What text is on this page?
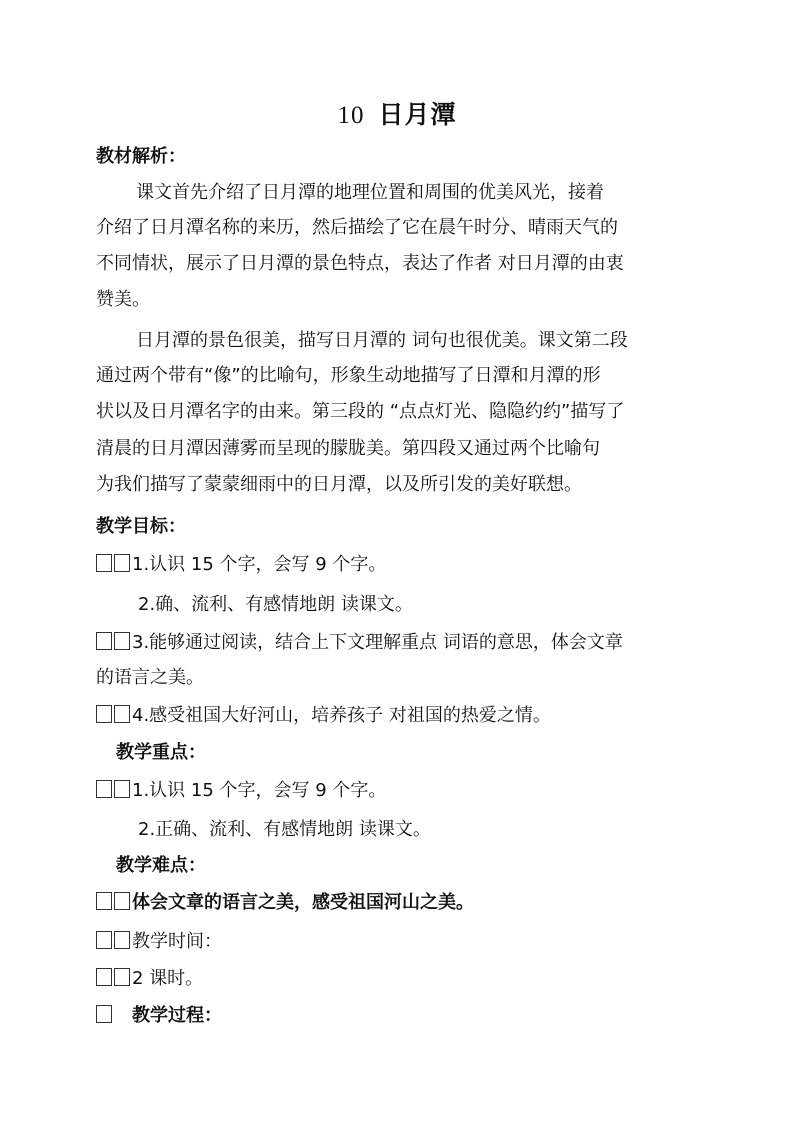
10 日月潭
教材解析：
课文首先介绍了日月潭的地理位置和周围的优美风光，接着
介绍了日月潭名称的来历，然后描绘了它在晨午时分、晴雨天气的
不同情状，展示了日月潭的景色特点，表达了作者 对日月潭的由衷
赞美。
日月潭的景色很美，描写日月潭的 词句也很优美。课文第二段
通过两个带有“像”的比喻句，形象生动地描写了日潭和月潭的形
状以及日月潭名字的由来。第三段的 “点点灯光、隐隐约约”描写了
清晨的日月潭因薄雾而呈现的朦胧美。第四段又通过两个比喻句
为我们描写了蒙蒙细雨中的日月潭，以及所引发的美好联想。
教学目标：
1.认识 15 个字，会写 9 个字。
2.确、流利、有感情地朗 读课文。
3.能够通过阅读，结合上下文理解重点 词语的意思，体会文章
的语言之美。
4.感受祖国大好河山，培养孩子 对祖国的热爱之情。
教学重点：
1.认识 15 个字，会写 9 个字。
2.正确、流利、有感情地朗 读课文。
教学难点：
体会文章的语言之美，感受祖国河山之美。
教学时间：
2 课时。
教学过程：
